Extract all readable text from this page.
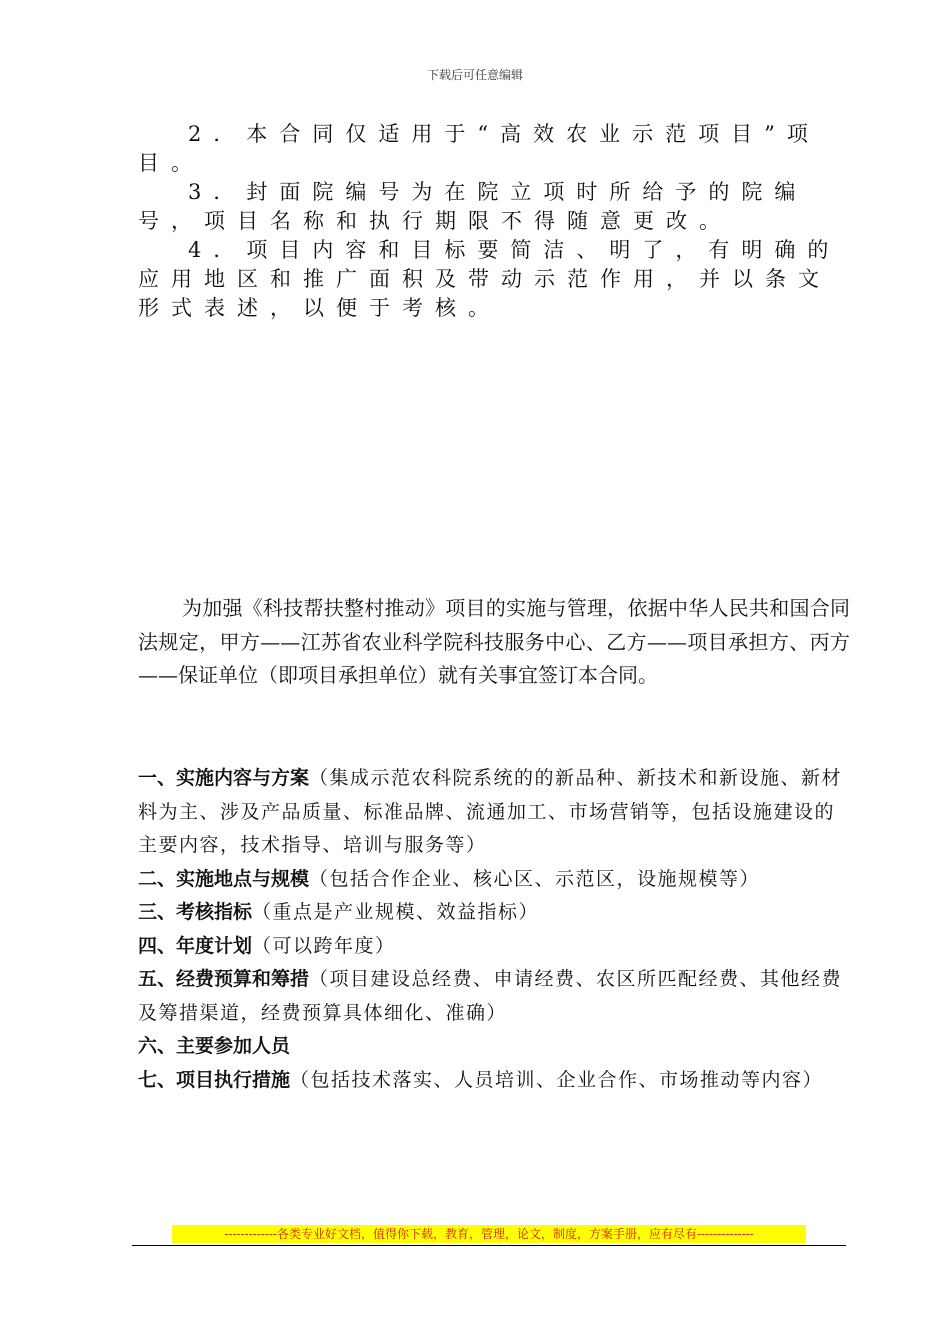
下载后可任意编辑

2．本合同仅适用于“高效农业示范项目”项目。

3．封面院编号为在院立项时所给予的院编号，项目名称和执行期限不得随意更改。

4．项目内容和目标要简洁、明了，有明确的应用地区和推广面积及带动示范作用，并以条文形式表述，以便于考核。

为加强《科技帮扶整村推动》项目的实施与管理，依据中华人民共和国合同法规定，甲方——江苏省农业科学院科技服务中心、乙方——项目承担方、丙方——保证单位（即项目承担单位）就有关事宜签订本合同。

一、实施内容与方案（集成示范农科院系统的的新品种、新技术和新设施、新材料为主、涉及产品质量、标准品牌、流通加工、市场营销等，包括设施建设的主要内容，技术指导、培训与服务等）

二、实施地点与规模（包括合作企业、核心区、示范区，设施规模等）

三、考核指标（重点是产业规模、效益指标）

四、年度计划（可以跨年度）

五、经费预算和筹措（项目建设总经费、申请经费、农区所匹配经费、其他经费及筹措渠道，经费预算具体细化、准确）

六、主要参加人员

七、项目执行措施（包括技术落实、人员培训、企业合作、市场推动等内容）

-------------各类专业好文档，值得你下载，教育，管理，论文，制度，方案手册，应有尽有--------------
